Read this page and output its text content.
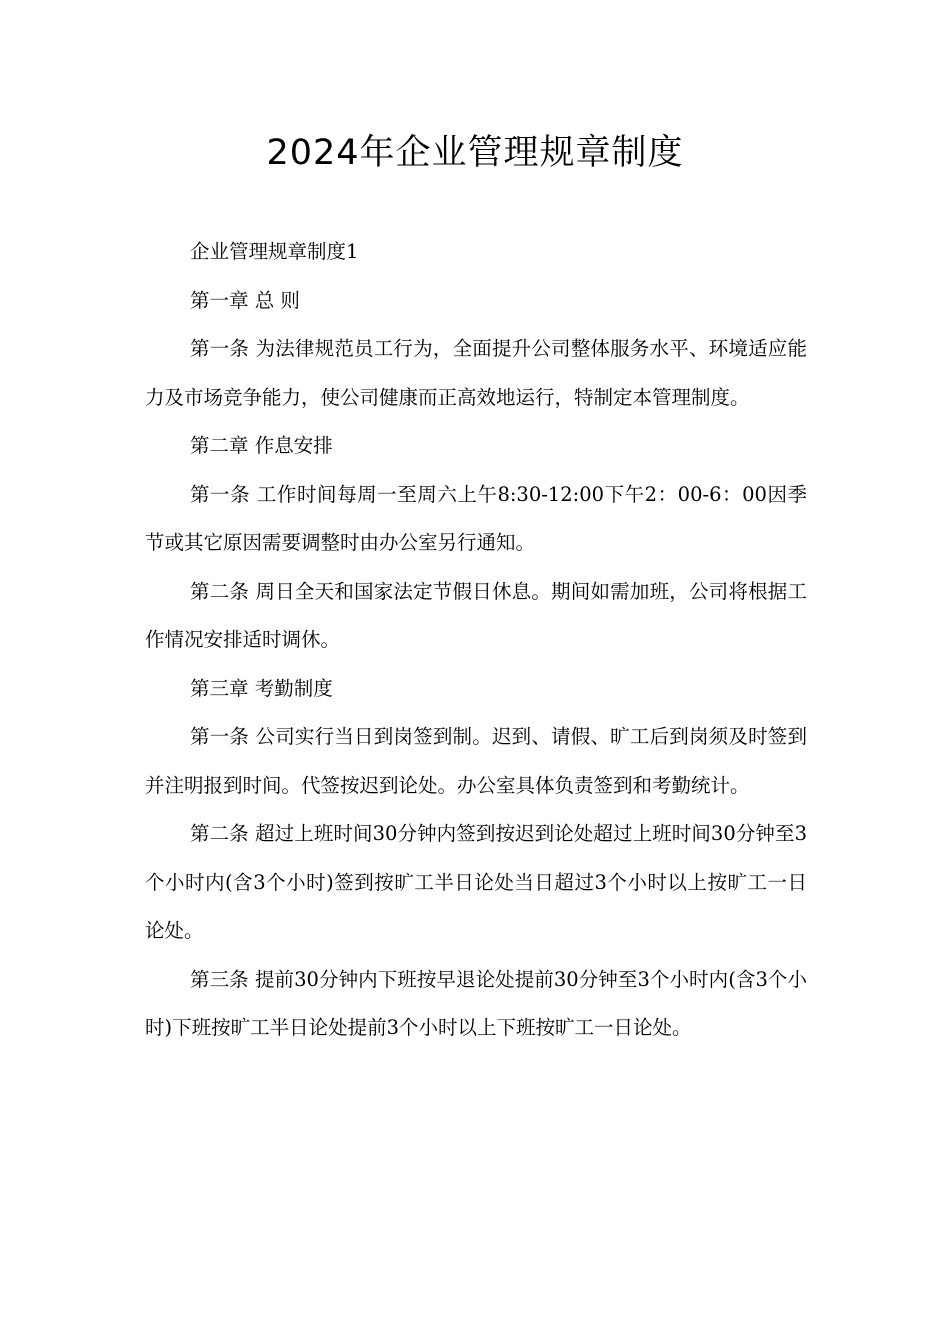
2024年企业管理规章制度

企业管理规章制度1

第一章 总 则

第一条 为法律规范员工行为，全面提升公司整体服务水平、环境适应能力及市场竞争能力，使公司健康而正高效地运行，特制定本管理制度。

第二章 作息安排

第一条 工作时间每周一至周六上午8:30-12:00下午2：00-6：00因季节或其它原因需要调整时由办公室另行通知。

第二条 周日全天和国家法定节假日休息。期间如需加班，公司将根据工作情况安排适时调休。

第三章 考勤制度

第一条 公司实行当日到岗签到制。迟到、请假、旷工后到岗须及时签到并注明报到时间。代签按迟到论处。办公室具体负责签到和考勤统计。

第二条 超过上班时间30分钟内签到按迟到论处超过上班时间30分钟至3个小时内(含3个小时)签到按旷工半日论处当日超过3个小时以上按旷工一日论处。

第三条 提前30分钟内下班按早退论处提前30分钟至3个小时内(含3个小时)下班按旷工半日论处提前3个小时以上下班按旷工一日论处。
